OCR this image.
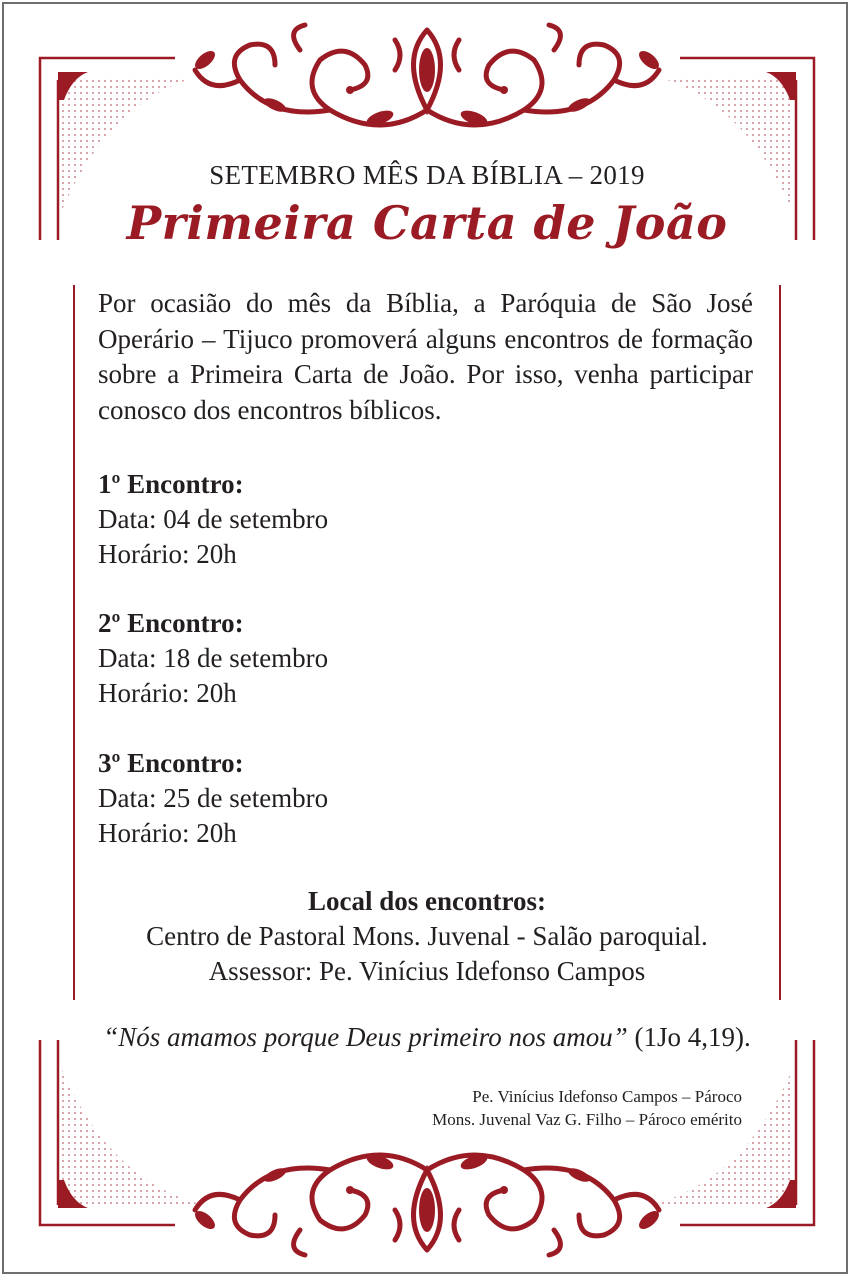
SETEMBRO MÊS DA BÍBLIA – 2019
Primeira Carta de João
Por ocasião do mês da Bíblia, a Paróquia de São José Operário – Tijuco promoverá alguns encontros de formação sobre a Primeira Carta de João. Por isso, venha participar conosco dos encontros bíblicos.
1º Encontro:
Data: 04 de setembro
Horário: 20h
2º Encontro:
Data: 18 de setembro
Horário: 20h
3º Encontro:
Data: 25 de setembro
Horário: 20h
Local dos encontros:
Centro de Pastoral Mons. Juvenal - Salão paroquial.
Assessor: Pe. Vinícius Idefonso Campos
“Nós amamos porque Deus primeiro nos amou” (1Jo 4,19).
Pe. Vinícius Idefonso Campos – Pároco
Mons. Juvenal Vaz G. Filho – Pároco emérito
